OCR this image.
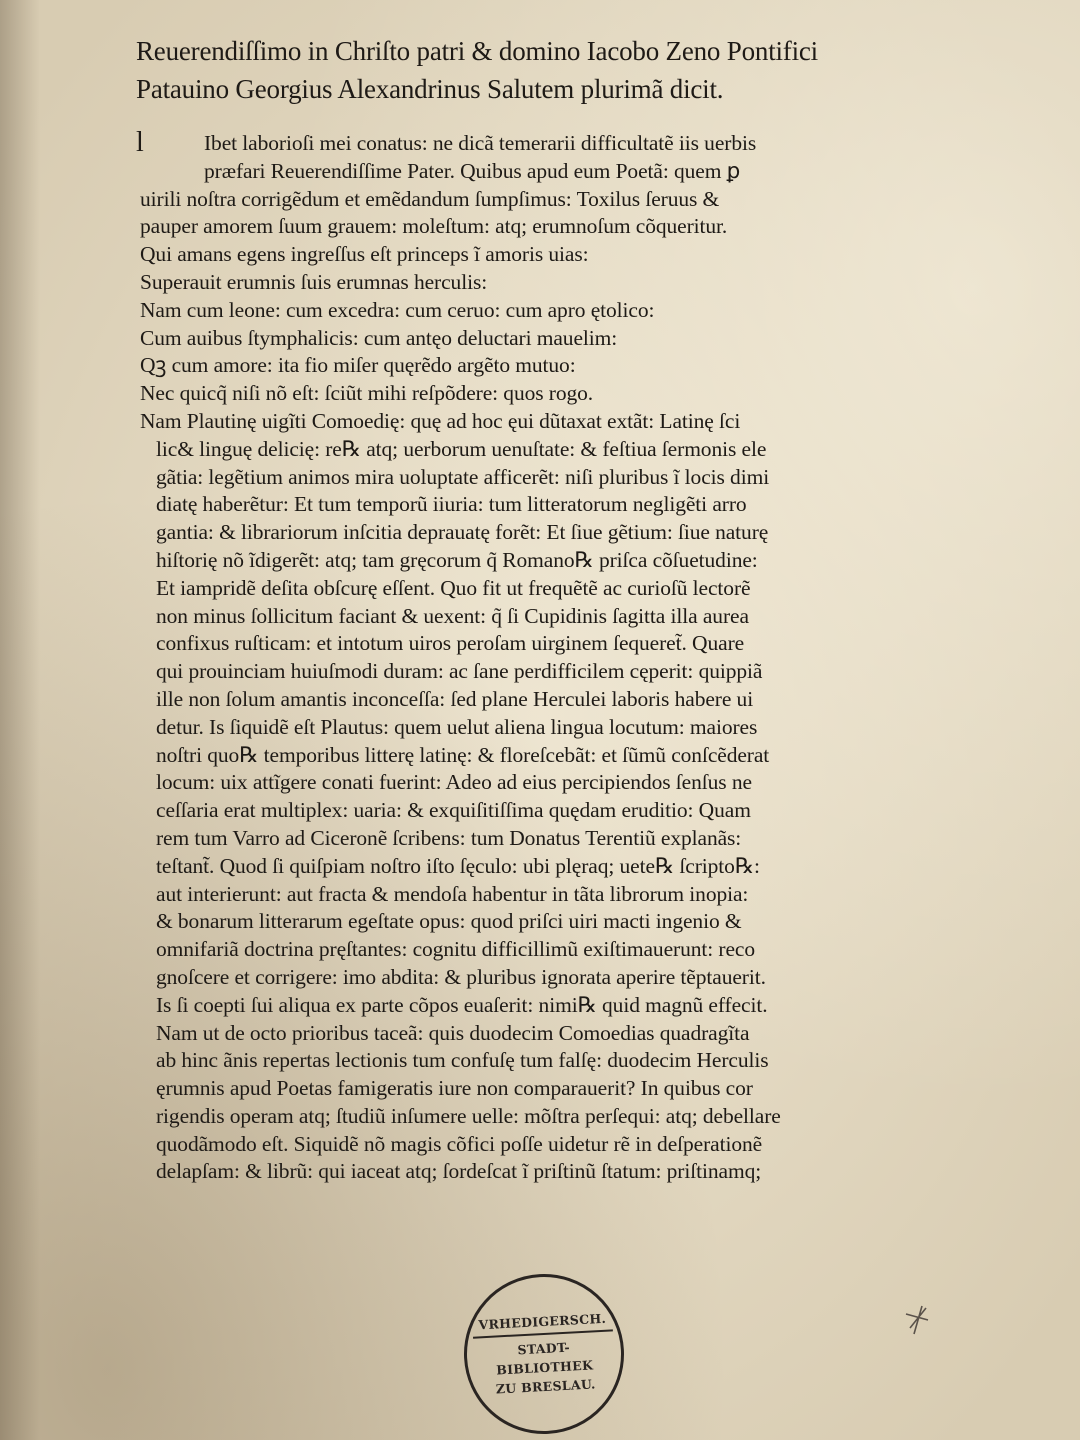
Reuerendiſſimo in Chriſto patri & domino Iacobo Zeno Pontifici
Patauino Georgius Alexandrinus Salutem plurimã dicit.
l	Ibet laborioſi mei conatus: ne dicã temerarii difficultatẽ iis uerbis
præfari Reuerendiſſime Pater. Quibus apud eum Poetã: quem ꝑ
uirili noſtra corrigẽdum et emẽdandum ſumpſimus: Toxilus ſeruus &
pauper amorem ſuum grauem: moleſtum: atq; erumnoſum cõqueritur.
Qui amans egens ingreſſus eſt princeps ĩ amoris uias:
Superauit erumnis ſuis erumnas herculis:
Nam cum leone: cum excedra: cum ceruo: cum apro ętolico:
Cum auibus ſtymphalicis: cum antęo deluctari mauelim:
Qꝫ cum amore: ita fio miſer quęrẽdo argẽto mutuo:
Nec quicq̃ niſi nõ eſt: ſciũt mihi reſpõdere: quos rogo.
Nam Plautinę uigĩti Comoedię: quę ad hoc ęui dũtaxat extãt: Latinę ſci
lic& linguę delicię: re℞ atq; uerborum uenuſtate: & feſtiua ſermonis ele
gãtia: legẽtium animos mira uoluptate afficerẽt: niſi pluribus ĩ locis dimi
diatę haberẽtur: Et tum temporũ iiuria: tum litteratorum negligẽti arro
gantia: & librariorum inſcitia deprauatę forẽt: Et ſiue gẽtium: ſiue naturę
hiſtorię nõ ĩdigerẽt: atq; tam gręcorum q̃ Romano℞ priſca cõſuetudine:
Et iampridẽ deſita obſcurę eſſent. Quo fit ut frequẽtẽ ac curioſũ lectorẽ
non minus ſollicitum faciant & uexent: q̃ ſi Cupidinis ſagitta illa aurea
confixus ruſticam: et intotum uiros peroſam uirginem ſequeret̃. Quare
qui prouinciam huiuſmodi duram: ac ſane perdifficilem cęperit: quippiã
ille non ſolum amantis inconceſſa: ſed plane Herculei laboris habere ui
detur. Is ſiquidẽ eſt Plautus: quem uelut aliena lingua locutum: maiores
noſtri quo℞ temporibus litterę latinę: & floreſcebãt: et ſũmũ conſcẽderat
locum: uix attĩgere conati fuerint: Adeo ad eius percipiendos ſenſus ne
ceſſaria erat multiplex: uaria: & exquiſitiſſima quędam eruditio: Quam
rem tum Varro ad Ciceronẽ ſcribens: tum Donatus Terentiũ explanãs:
teſtant̃. Quod ſi quiſpiam noſtro iſto ſęculo: ubi plęraq; uete℞ ſcripto℞:
aut interierunt: aut fracta & mendoſa habentur in tãta librorum inopia:
& bonarum litterarum egeſtate opus: quod priſci uiri macti ingenio &
omnifariã doctrina pręſtantes: cognitu difficillimũ exiſtimauerunt: reco
gnoſcere et corrigere: imo abdita: & pluribus ignorata aperire tẽptauerit.
Is ſi coepti ſui aliqua ex parte cõpos euaſerit: nimi℞ quid magnũ effecit.
Nam ut de octo prioribus taceã: quis duodecim Comoedias quadragĩta
ab hinc ãnis repertas lectionis tum confuſę tum falſę: duodecim Herculis
ęrumnis apud Poetas famigeratis iure non comparauerit? In quibus cor
rigendis operam atq; ſtudiũ inſumere uelle: mõſtra perſequi: atq; debellare
quodãmodo eſt. Siquidẽ nõ magis cõfici poſſe uidetur rẽ in deſperationẽ
delapſam: & librũ: qui iaceat atq; ſordeſcat ĩ priſtinũ ſtatum: priſtinamq;
VRHEDIGERSCH.
STADT-
BIBLIOTHEK
ZU BRESLAU.
